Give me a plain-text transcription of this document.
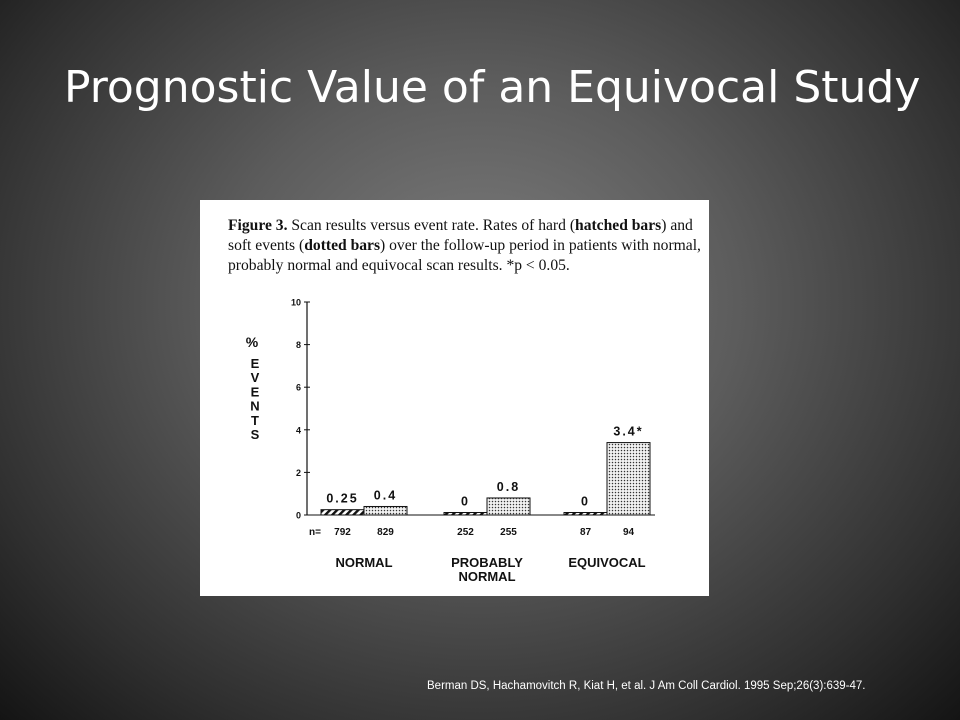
Prognostic Value of an Equivocal Study
Figure 3. Scan results versus event rate. Rates of hard (hatched bars) and soft events (dotted bars) over the follow-up period in patients with normal, probably normal and equivocal scan results. *p < 0.05.
0
2
4
6
8
10
%
E
V
E
N
T
S
n=
0.25
792
0.4
829
NORMAL
0
252
0.8
255
PROBABLY
NORMAL
0
87
3.4*
94
EQUIVOCAL
Berman DS, Hachamovitch R, Kiat H, et al. J Am Coll Cardiol. 1995 Sep;26(3):639-47.
